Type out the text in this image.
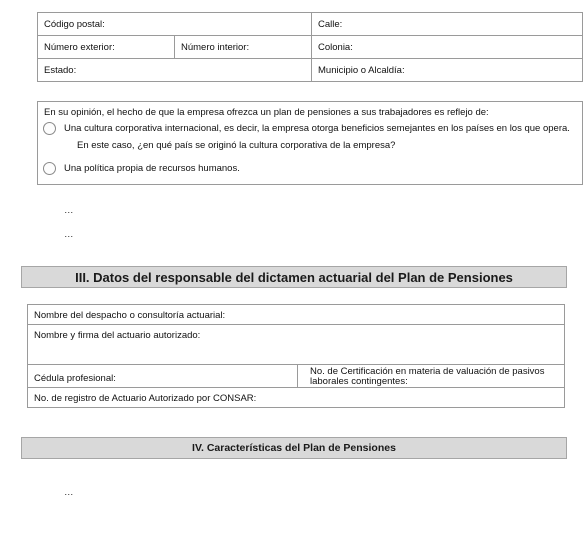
Código postal:	Calle:
Número exterior:	Número interior:	Colonia:
Estado:	Municipio o Alcaldía:
En su opinión, el hecho de que la empresa ofrezca un plan de pensiones a sus trabajadores es reflejo de:
Una cultura corporativa internacional, es decir, la empresa otorga beneficios semejantes en los países en los que opera.
En este caso, ¿en qué país se originó la cultura corporativa de la empresa?
Una política propia de recursos humanos.
…
…
III. Datos del responsable del dictamen actuarial del Plan de Pensiones
Nombre del despacho o consultoría actuarial:
Nombre y firma del actuario autorizado:
Cédula profesional:
No. de Certificación en materia de valuación de pasivos
laborales contingentes:
No. de registro de Actuario Autorizado por CONSAR:
IV. Características del Plan de Pensiones
…
